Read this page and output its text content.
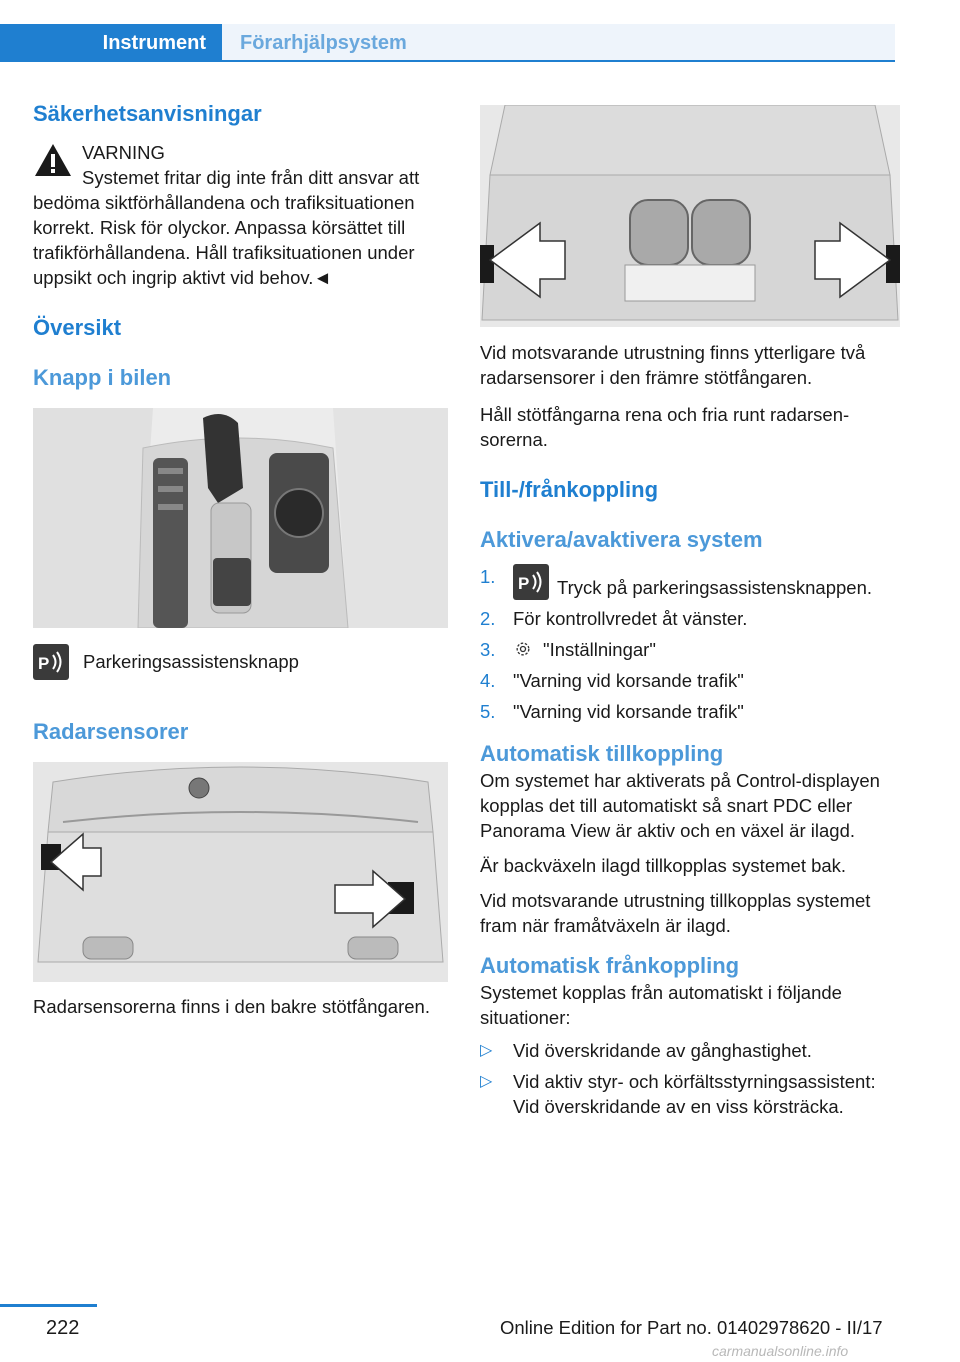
Instrument	Förarhjälpsystem
Säkerhetsanvisningar
VARNING

Systemet fritar dig inte från ditt ansvar att bedöma siktförhållandena och trafiksituationen korrekt. Risk för olyckor. Anpassa körsättet till trafikförhållandena. Håll trafiksituationen under uppsikt och ingrip aktivt vid behov.◄

Översikt
Knapp i bilen
P Parkeringsassistensknapp
Radarsensorer

Radarsensorerna finns i den bakre stötfångaren.

Vid motsvarande utrustning finns ytterligare två radarsensorer i den främre stötfångaren.

Håll stötfångarna rena och fria runt radarsensorerna.

Till-/frånkoppling
Aktivera/avaktivera system
1.	P Tryck på parkeringsassistensknappen.
2. För kontrollvredet åt vänster.
3.	"Inställningar"
4. "Varning vid korsande trafik"
5. "Varning vid korsande trafik"
Automatisk tillkoppling

Om systemet har aktiverats på Control-displayen kopplas det till automatiskt så snart PDC eller Panorama View är aktiv och en växel är ilagd.

Är backväxeln ilagd tillkopplas systemet bak.

Vid motsvarande utrustning tillkopplas systemet fram när framåtväxeln är ilagd.

Automatisk frånkoppling

Systemet kopplas från automatiskt i följande situationer:

▷	Vid överskridande av gånghastighet.
▷	Vid aktiv styr- och körfältsstyrningsassistent: Vid överskridande av en viss körsträcka.
222	Online Edition for Part no. 01402978620 - II/17
carmanualsonline.info
